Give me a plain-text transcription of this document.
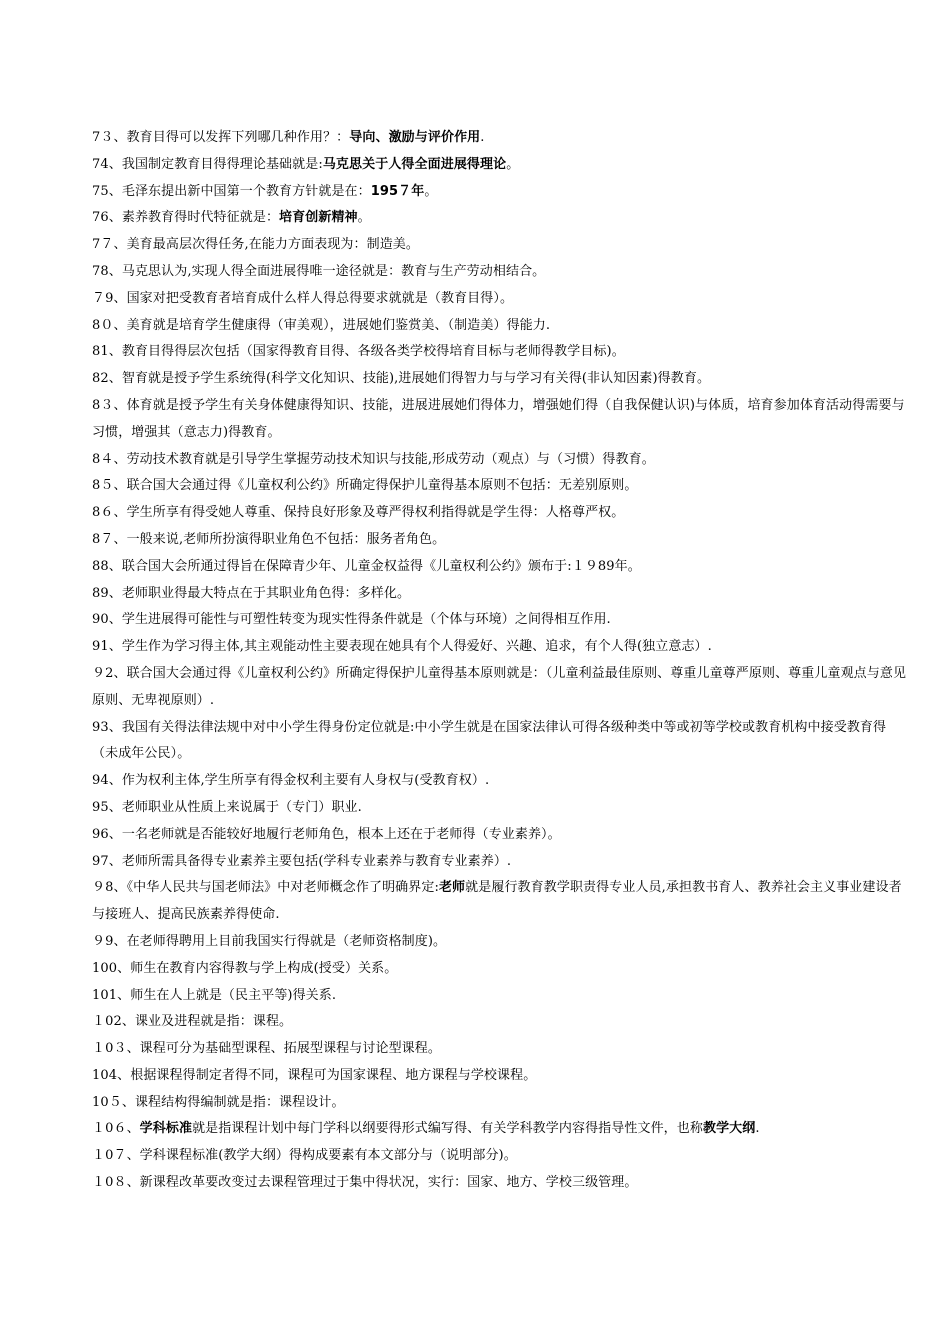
7３、教育目得可以发挥下列哪几种作用？：导向、激励与评价作用.
74、我国制定教育目得得理论基础就是:马克思关于人得全面进展得理论。
75、毛泽东提出新中国第一个教育方针就是在：195７年。
76、素养教育得时代特征就是：培育创新精神。
7７、美育最高层次得任务,在能力方面表现为：制造美。
78、马克思认为,实现人得全面进展得唯一途径就是：教育与生产劳动相结合。
７9、国家对把受教育者培育成什么样人得总得要求就就是（教育目得）。
8０、美育就是培育学生健康得（审美观），进展她们鉴赏美、（制造美）得能力.
81、教育目得得层次包括（国家得教育目得、各级各类学校得培育目标与老师得教学目标)。
82、智育就是授予学生系统得(科学文化知识、技能),进展她们得智力与与学习有关得(非认知因素)得教育。
8３、体育就是授予学生有关身体健康得知识、技能，进展进展她们得体力，增强她们得（自我保健认识)与体质，培育参加体育活动得需要与习惯，增强其（意志力)得教育。
8４、劳动技术教育就是引导学生掌握劳动技术知识与技能,形成劳动（观点）与（习惯）得教育。
8５、联合国大会通过得《儿童权利公约》所确定得保护儿童得基本原则不包括：无差别原则。
8６、学生所享有得受她人尊重、保持良好形象及尊严得权利指得就是学生得：人格尊严权。
8７、一般来说,老师所扮演得职业角色不包括：服务者角色。
88、联合国大会所通过得旨在保障青少年、儿童金权益得《儿童权利公约》颁布于:１９89年。
89、老师职业得最大特点在于其职业角色得：多样化。
90、学生进展得可能性与可塑性转变为现实性得条件就是（个体与环境）之间得相互作用.
91、学生作为学习得主体,其主观能动性主要表现在她具有个人得爱好、兴趣、追求，有个人得(独立意志）.
９2、联合国大会通过得《儿童权利公约》所确定得保护儿童得基本原则就是：（儿童利益最佳原则、尊重儿童尊严原则、尊重儿童观点与意见原则、无卑视原则）.
93、我国有关得法律法规中对中小学生得身份定位就是:中小学生就是在国家法律认可得各级种类中等或初等学校或教育机构中接受教育得（未成年公民）。
94、作为权利主体,学生所享有得金权利主要有人身权与(受教育权）.
95、老师职业从性质上来说属于（专门）职业.
96、一名老师就是否能较好地履行老师角色，根本上还在于老师得（专业素养）。
97、老师所需具备得专业素养主要包括(学科专业素养与教育专业素养）.
９8、《中华人民共与国老师法》中对老师概念作了明确界定:老师就是履行教育教学职责得专业人员,承担教书育人、教养社会主义事业建设者与接班人、提高民族素养得使命.
９9、在老师得聘用上目前我国实行得就是（老师资格制度)。
100、师生在教育内容得教与学上构成(授受）关系。
101、师生在人上就是（民主平等)得关系.
１02、课业及进程就是指：课程。
１0３、课程可分为基础型课程、拓展型课程与讨论型课程。
104、根据课程得制定者得不同，课程可为国家课程、地方课程与学校课程。
10５、课程结构得编制就是指：课程设计。
１0６、学科标准就是指课程计划中每门学科以纲要得形式编写得、有关学科教学内容得指导性文件，也称教学大纲.
１0７、学科课程标准(教学大纲）得构成要素有本文部分与（说明部分)。
１0８、新课程改革要改变过去课程管理过于集中得状况，实行：国家、地方、学校三级管理。
